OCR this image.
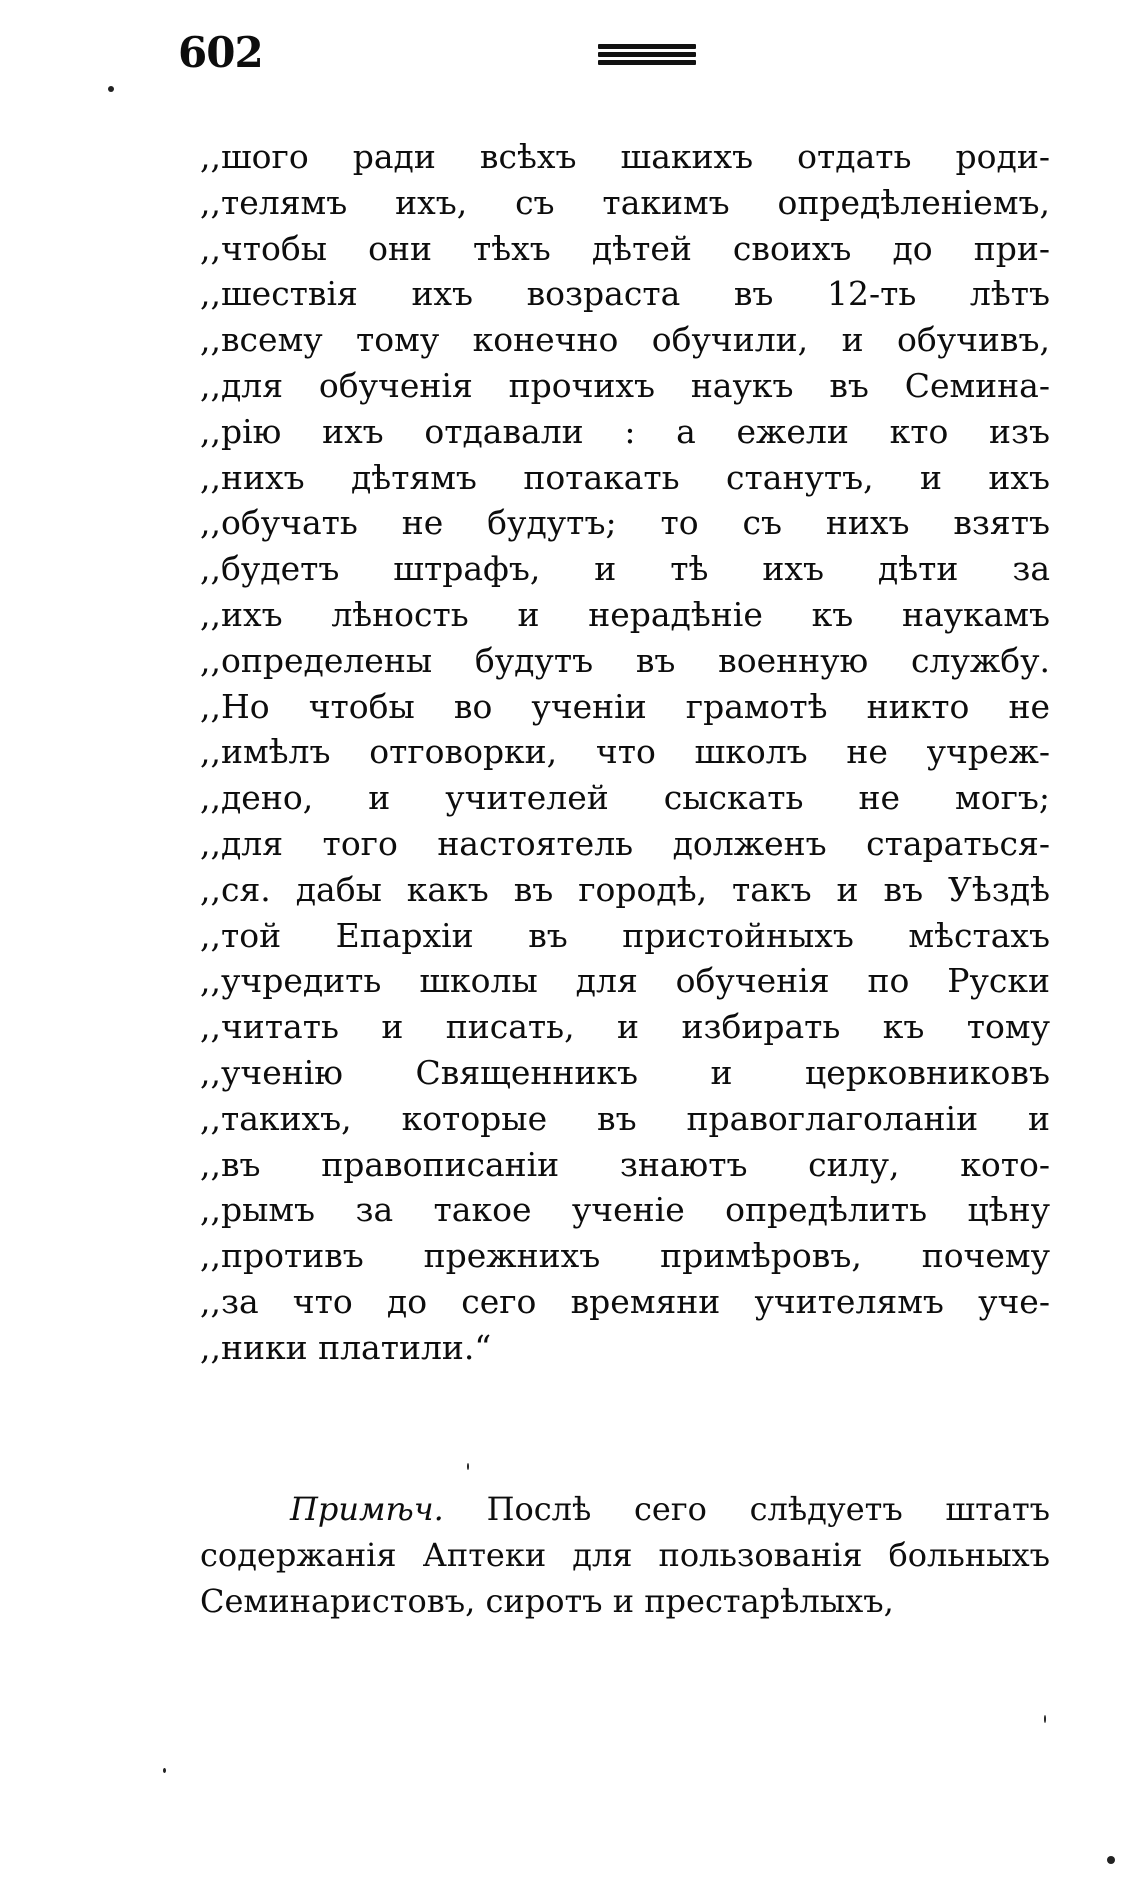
602
,,шого ради всѣхъ шакихъ отдать роди-
,,телямъ ихъ, съ такимъ опредѣленіемъ,
,,чтобы они тѣхъ дѣтей своихъ до при-
,,шествія ихъ возраста въ 12-ть лѣтъ
,,всему тому конечно обучили, и обучивъ,
,,для обученія прочихъ наукъ въ Семина-
,,рію ихъ отдавали : а ежели кто изъ
,,нихъ дѣтямъ потакать станутъ, и ихъ
,,обучать не будутъ; то съ нихъ взятъ
,,будетъ штрафъ, и тѣ ихъ дѣти за
,,ихъ лѣность и нерадѣніе къ наукамъ
,,определены будутъ въ военную службу.
,,Но чтобы во ученіи грамотѣ никто не
,,имѣлъ отговорки, что школъ не учреж-
,,дено, и учителей сыскать не могъ;
,,для того настоятель долженъ стараться-
,,ся. дабы какъ въ городѣ, такъ и въ Уѣздѣ
,,той Епархіи въ пристойныхъ мѣстахъ
,,учредить школы для обученія по Руски
,,читать и писать, и избирать къ тому
,,ученію Священникъ и церковниковъ
,,такихъ, которые въ правоглаголаніи и
,,въ правописаніи знаютъ силу, кото-
,,рымъ за такое ученіе опредѣлить цѣну
,,противъ прежнихъ примѣровъ, почему
,,за что до сего времяни учителямъ уче-
,,ники платили.“
Примѣч. Послѣ сего слѣдуетъ штатъ
содержанія Аптеки для пользованія больныхъ
Семинаристовъ, сиротъ и престарѣлыхъ,
